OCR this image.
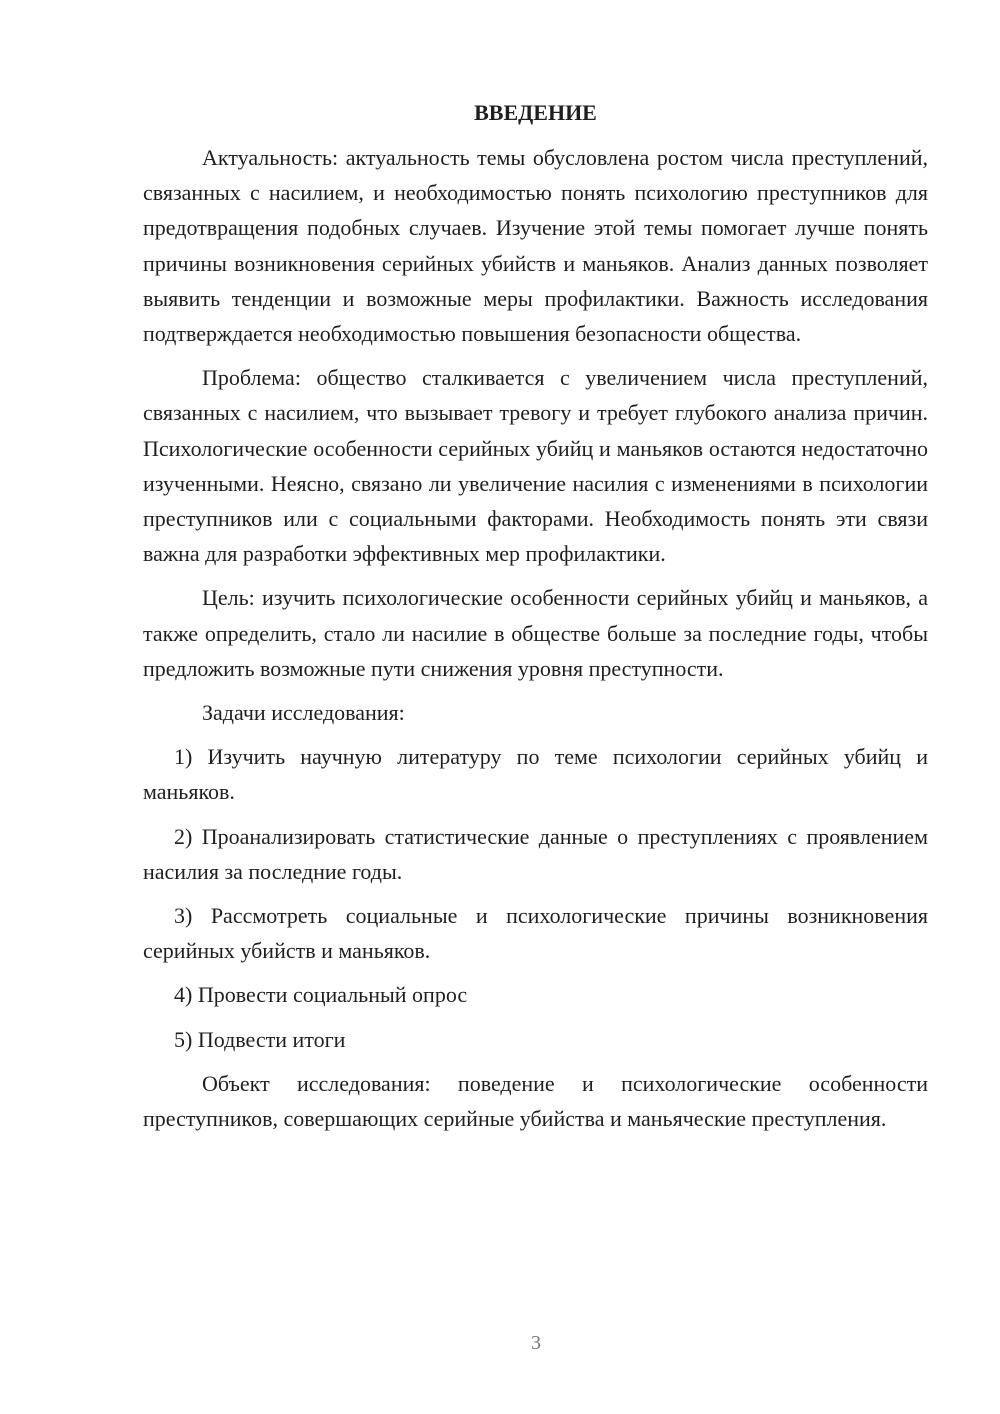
ВВЕДЕНИЕ

Актуальность: актуальность темы обусловлена ростом числа преступлений, связанных с насилием, и необходимостью понять психологию преступников для предотвращения подобных случаев. Изучение этой темы помогает лучше понять причины возникновения серийных убийств и маньяков. Анализ данных позволяет выявить тенденции и возможные меры профилактики. Важность исследования подтверждается необходимостью повышения безопасности общества.

Проблема: общество сталкивается с увеличением числа преступлений, связанных с насилием, что вызывает тревогу и требует глубокого анализа причин. Психологические особенности серийных убийц и маньяков остаются недостаточно изученными. Неясно, связано ли увеличение насилия с изменениями в психологии преступников или с социальными факторами. Необходимость понять эти связи важна для разработки эффективных мер профилактики.

Цель: изучить психологические особенности серийных убийц и маньяков, а также определить, стало ли насилие в обществе больше за последние годы, чтобы предложить возможные пути снижения уровня преступности.

Задачи исследования:

1) Изучить научную литературу по теме психологии серийных убийц и маньяков.

2) Проанализировать статистические данные о преступлениях с проявлением насилия за последние годы.

3) Рассмотреть социальные и психологические причины возникновения серийных убийств и маньяков.

4) Провести социальный опрос

5) Подвести итоги

Объект исследования: поведение и психологические особенности преступников, совершающих серийные убийства и маньяческие преступления.

3
